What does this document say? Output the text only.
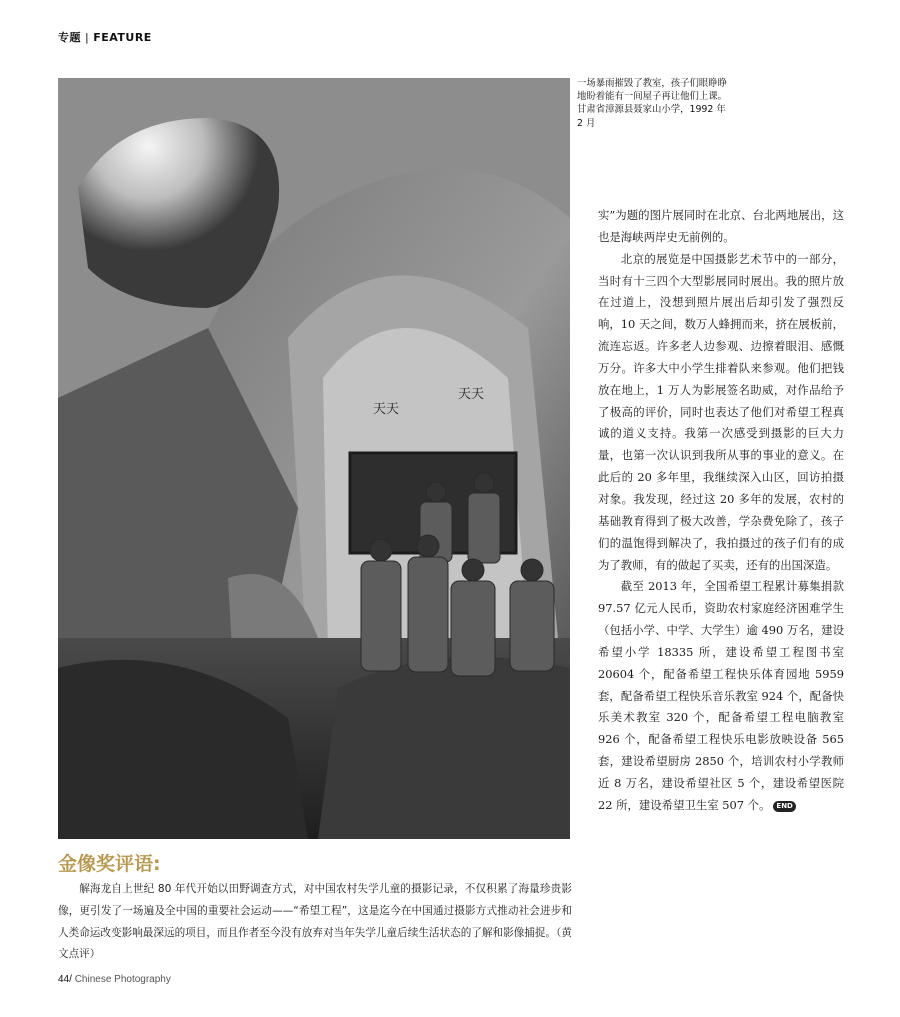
专题 | FEATURE
天天
天天
一场暴雨摧毁了教室，孩子们眼睁睁地盼着能有一间屋子再让他们上课。甘肃省漳源县聂家山小学，1992 年 2 月

实”为题的图片展同时在北京、台北两地展出，这也是海峡两岸史无前例的。

北京的展览是中国摄影艺术节中的一部分，当时有十三四个大型影展同时展出。我的照片放在过道上，没想到照片展出后却引发了强烈反响，10 天之间，数万人蜂拥而来，挤在展板前，流连忘返。许多老人边参观、边擦着眼泪、感慨万分。许多大中小学生排着队来参观。他们把钱放在地上，1 万人为影展签名助威，对作品给予了极高的评价，同时也表达了他们对希望工程真诚的道义支持。我第一次感受到摄影的巨大力量，也第一次认识到我所从事的事业的意义。在此后的 20 多年里，我继续深入山区，回访拍摄对象。我发现，经过这 20 多年的发展，农村的基础教育得到了极大改善，学杂费免除了，孩子们的温饱得到解决了，我拍摄过的孩子们有的成为了教师，有的做起了买卖，还有的出国深造。

截至 2013 年，全国希望工程累计募集捐款 97.57 亿元人民币，资助农村家庭经济困难学生（包括小学、中学、大学生）逾 490 万名，建设希望小学 18335 所，建设希望工程图书室 20604 个，配备希望工程快乐体育园地 5959 套，配备希望工程快乐音乐教室 924 个，配备快乐美术教室 320 个，配备希望工程电脑教室 926 个，配备希望工程快乐电影放映设备 565 套，建设希望厨房 2850 个，培训农村小学教师近 8 万名，建设希望社区 5 个，建设希望医院 22 所，建设希望卫生室 507 个。 END

金像奖评语:

解海龙自上世纪 80 年代开始以田野调查方式，对中国农村失学儿童的摄影记录，不仅积累了海量珍贵影像，更引发了一场遍及全中国的重要社会运动——“希望工程”，这是迄今在中国通过摄影方式推动社会进步和人类命运改变影响最深远的项目，而且作者至今没有放弃对当年失学儿童后续生活状态的了解和影像捕捉。（黄文点评）

44/ Chinese Photography
